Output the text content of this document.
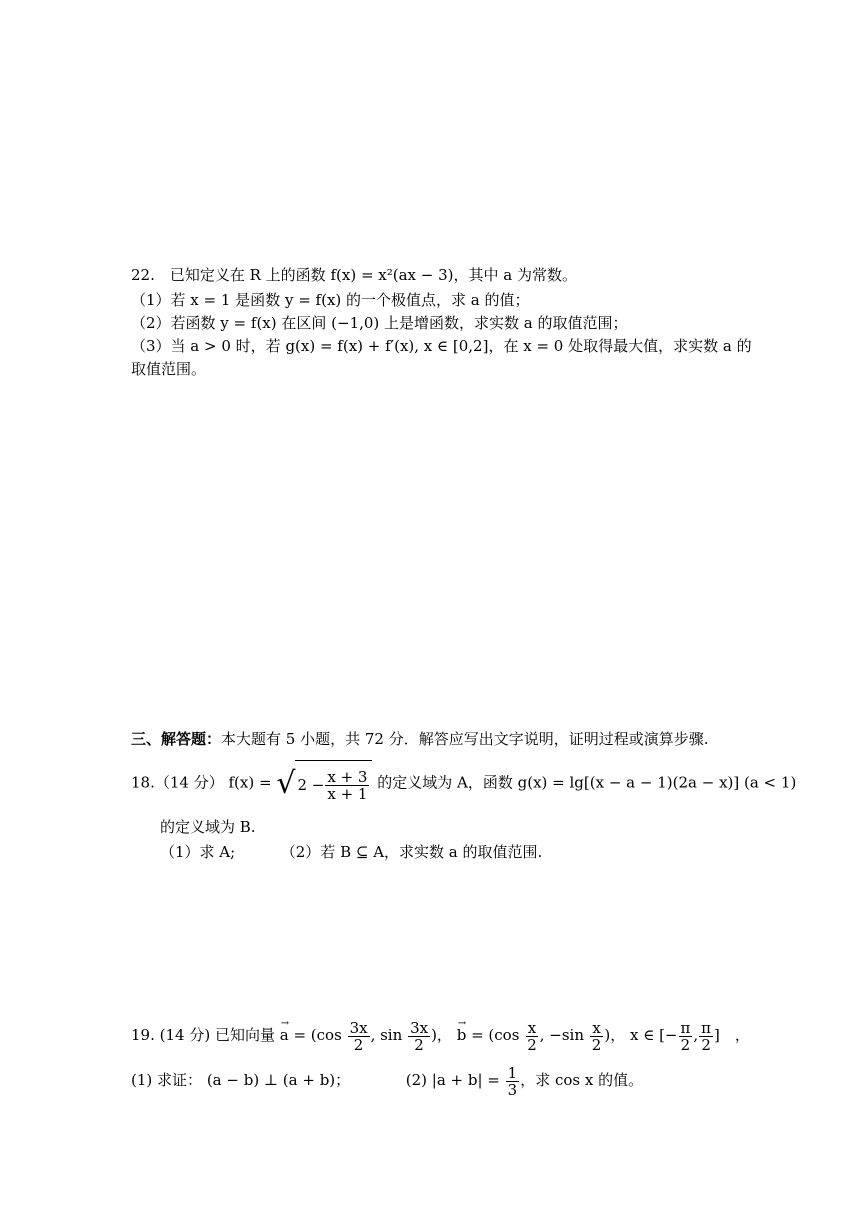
22.　已知定义在 R 上的函数 f(x) = x²(ax − 3)，其中 a 为常数。
（1）若 x = 1 是函数 y = f(x) 的一个极值点，求 a 的值；
（2）若函数 y = f(x) 在区间 (−1,0) 上是增函数，求实数 a 的取值范围；
（3）当 a > 0 时，若 g(x) = f(x) + f′(x), x ∈ [0,2]，在 x = 0 处取得最大值，求实数 a 的
取值范围。
三、解答题：本大题有 5 小题，共 72 分．解答应写出文字说明，证明过程或演算步骤.
18.（14 分） f(x) = √ $2 - \frac{x + 3}{x + 1}$ 的定义域为 A，函数 g(x) = lg[(x − a − 1)(2a − x)] (a < 1)
的定义域为 B.
（1）求 A;	（2）若 B ⊆ A，求实数 a 的取值范围.
19. (14 分) 已知向量 → $a = (\cos \frac{3x}{2}$ , $\sin \frac{3x}{2}$ )， → $b = (\cos \frac{x}{2}$ , $-\sin \frac{x}{2}$ )， x ∈ [− $\frac{\pi}{2}$ , $\frac{\pi}{2}$ ]　，
(1) 求证： (a − b) ⊥ (a + b)；	(2) $|a + b| = \frac{1}{3}$ ，求 cos x 的值。
